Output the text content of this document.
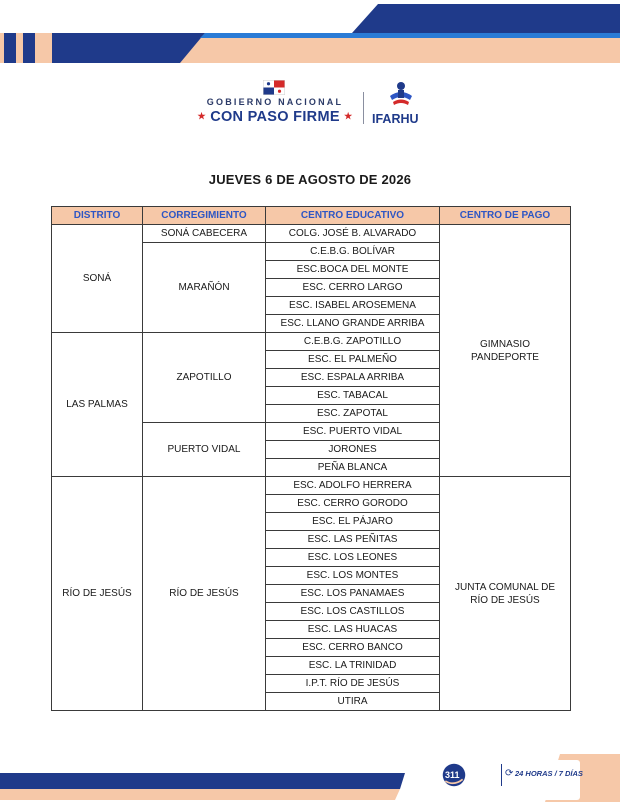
GOBIERNO NACIONAL
★ CON PASO FIRME ★	IFARHU
JUEVES 6 DE AGOSTO DE 2026
DISTRITO	CORREGIMIENTO	CENTRO EDUCATIVO	CENTRO DE PAGO
SONÁ	SONÁ CABECERA	COLG. JOSÉ B. ALVARADO	GIMNASIO
PANDEPORTE
	MARAÑÓN	C.E.B.G. BOLÍVAR	
		ESC.BOCA DEL MONTE	
		ESC. CERRO LARGO	
		ESC. ISABEL AROSEMENA	
		ESC. LLANO GRANDE ARRIBA	
LAS PALMAS	ZAPOTILLO	C.E.B.G. ZAPOTILLO	
		ESC. EL PALMEÑO	
		ESC. ESPALA ARRIBA	
		ESC. TABACAL	
		ESC. ZAPOTAL	
	PUERTO VIDAL	ESC. PUERTO VIDAL	
		JORONES	
		PEÑA BLANCA	
RÍO DE JESÚS	RÍO DE JESÚS	ESC. ADOLFO HERRERA	JUNTA COMUNAL DE
RÍO DE JESÚS
		ESC. CERRO GORODO	
		ESC. EL PÁJARO	
		ESC. LAS PEÑITAS	
		ESC. LOS LEONES	
		ESC. LOS MONTES	
		ESC. LOS PANAMAES	
		ESC. LOS CASTILLOS	
		ESC. LAS HUACAS	
		ESC. CERRO BANCO	
		ESC. LA TRINIDAD	
		I.P.T. RÍO DE JESÚS	
		UTIRA	
311	⟳ 24 HORAS / 7 DÍAS
